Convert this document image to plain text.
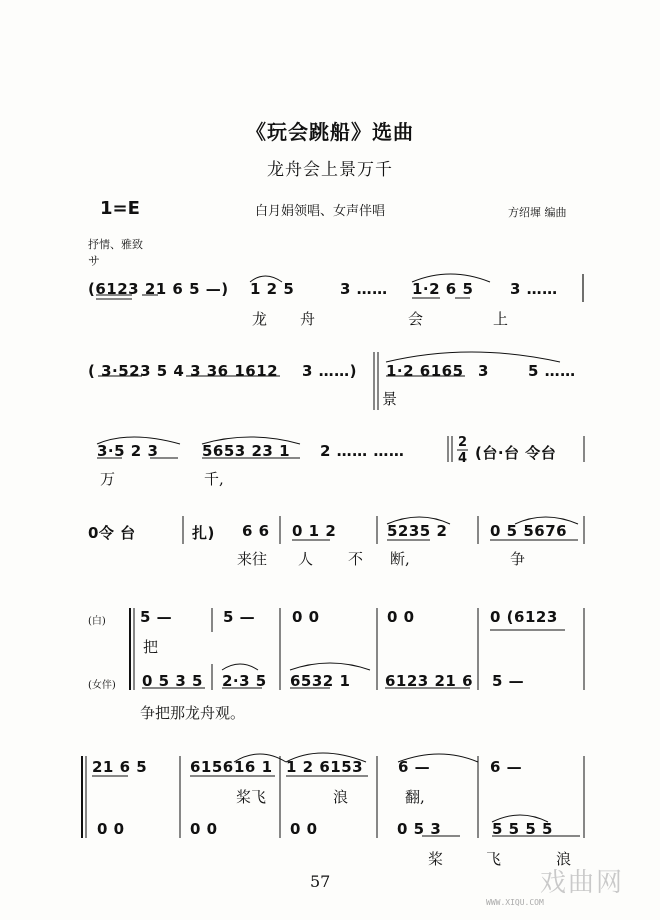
《玩会跳船》选曲
龙舟会上景万千
1=E	白月娟领唱、女声伴唱	方绍墀 编曲
抒情、雅致
サ
(6123 21 6 5 —) 1 2 5	3 …… 1·2 6 5 3 ……
龙 舟	会	上
( 3·523 5 4 3 36 1612 3 ……) 1·2 6165 3	5 ……
景
3·5 2 3	5653 23 1 2 …… ……	(台·台 令台
万	千,
0令 台	扎) 6 6 0 1 2	5235 2	0 5 5676
来往 人 不 断,	争
(白) 5 —	5 — 0 0	0 0	0 (6123
把
(女伴) 0 5 3 5 2·3 5 6532 1 6123 21 6 5 —
争把那龙舟观。
21 6 5	6156 16 1 1 2 6153 6 —	6 —
桨飞	浪	翻,
0 0	0 0	0 0	0 5 3	5 5 5 5
桨	飞	浪
2
4
57	戏曲网
WWW.XIQU.COM
